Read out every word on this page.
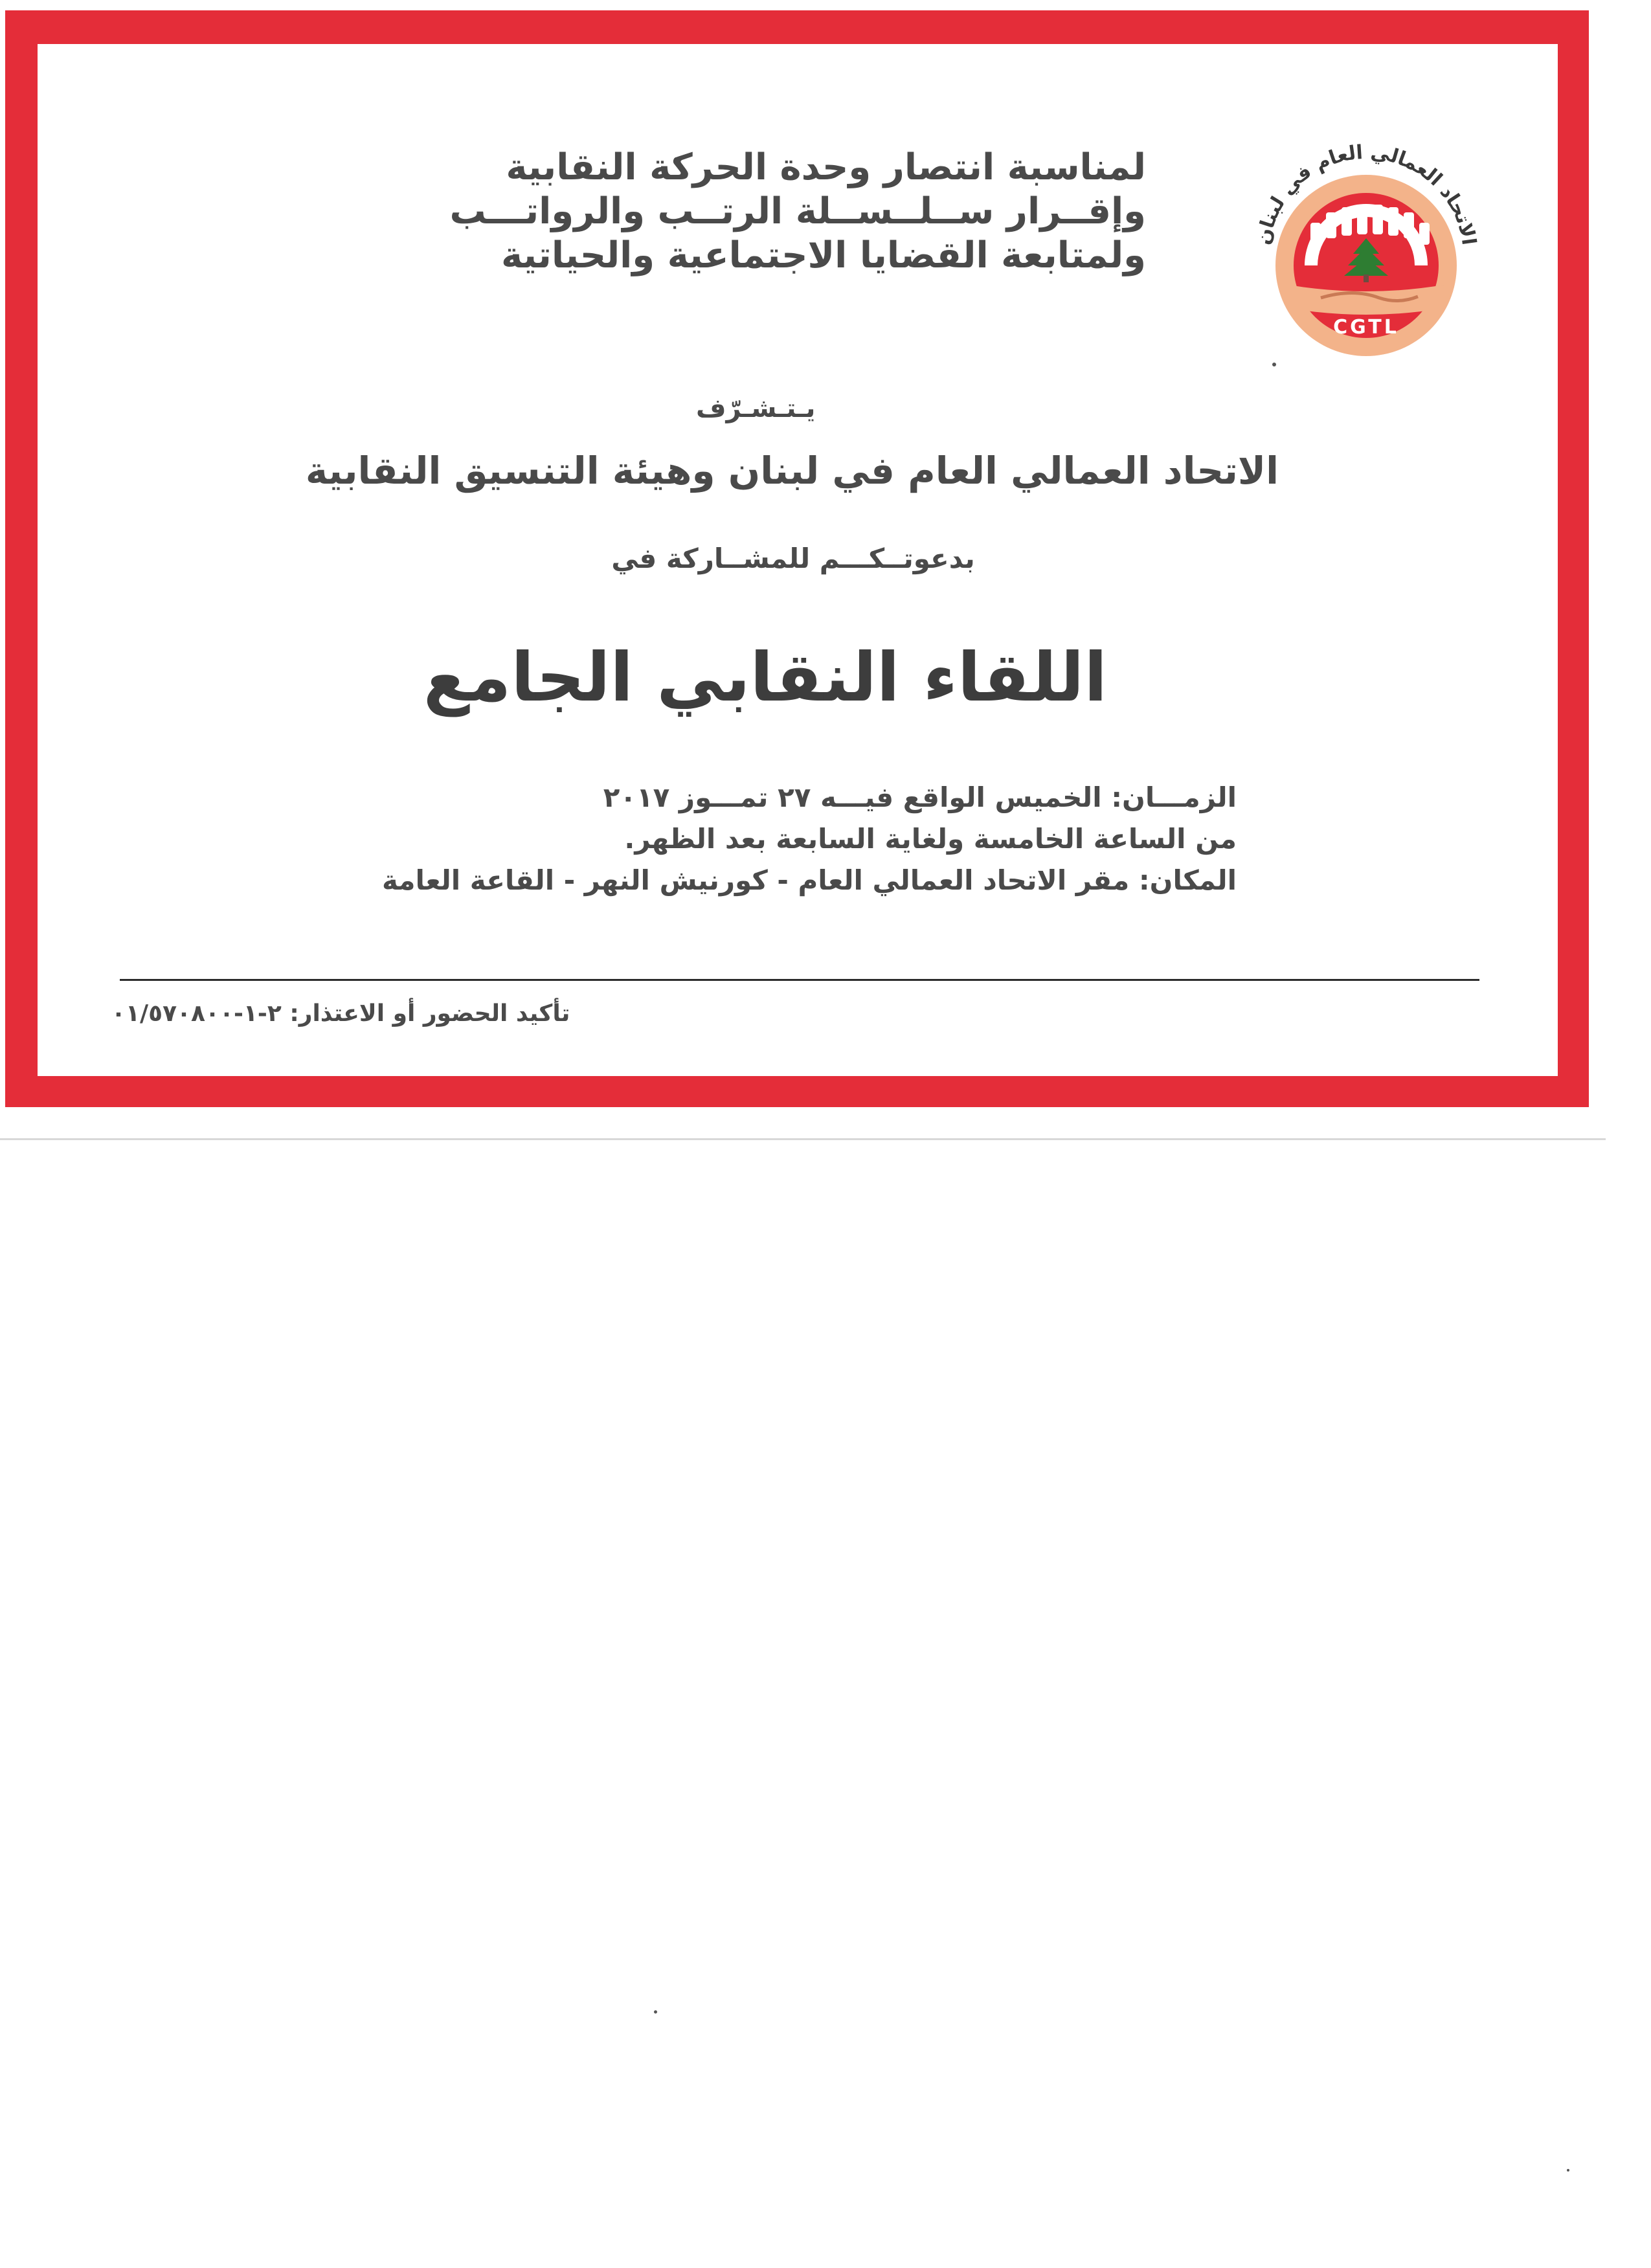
الاتحاد العمالي العام في لبنان
CGTL
لمناسبة انتصار وحدة الحركة النقابية
وإقــرار ســلــســلة الرتــب والرواتـــب
ولمتابعة القضايا الاجتماعية والحياتية
يـتـشـرّف
الاتحاد العمالي العام في لبنان وهيئة التنسيق النقابية
بدعوتــكـــم للمشــاركة في
اللقاء النقابي الجامع
الزمـــان: الخميس الواقع فيـــه ٢٧ تمـــوز ٢٠١٧
من الساعة الخامسة ولغاية السابعة بعد الظهر.
المكان: مقر الاتحاد العمالي العام - كورنيش النهر - القاعة العامة
تأكيد الحضور أو الاعتذار: ٢-١-٠١/٥٧٠٨٠٠
